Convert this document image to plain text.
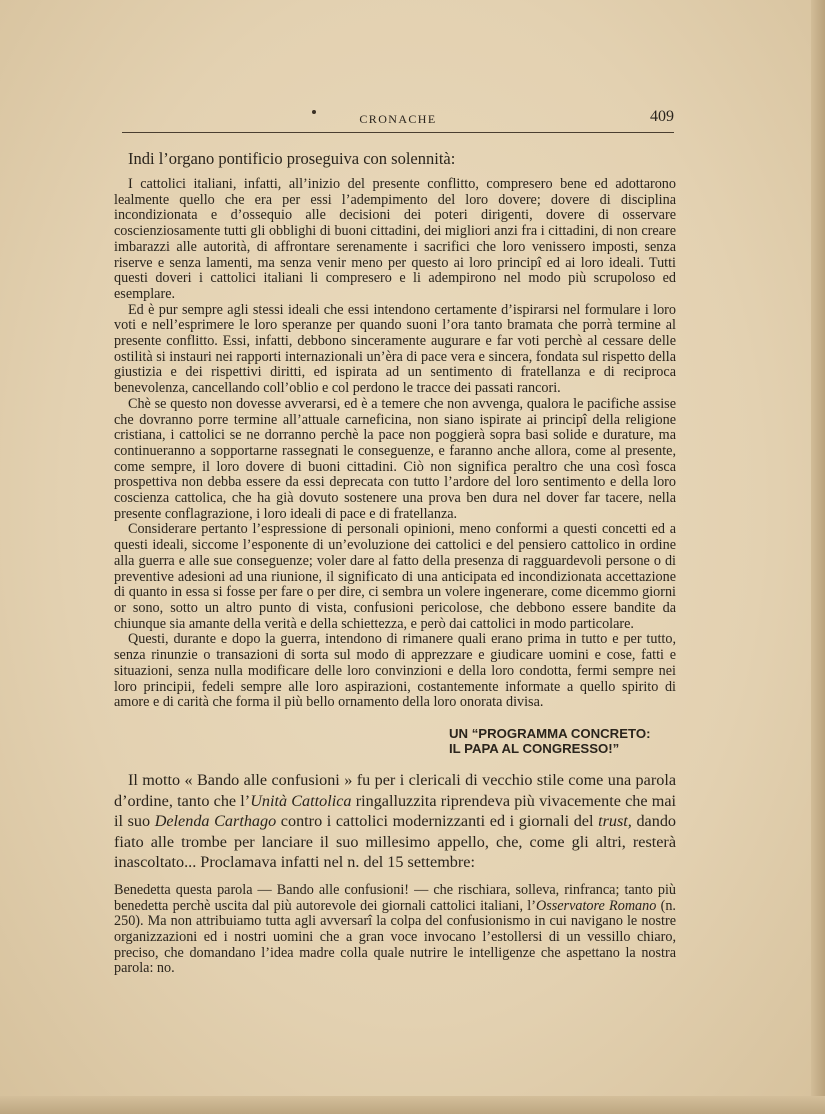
CRONACHE	409

Indi l’organo pontificio proseguiva con solennità:

I cattolici italiani, infatti, all’inizio del presente conflitto, compresero bene ed adottarono lealmente quello che era per essi l’adempimento del loro dovere; dovere di disciplina incondizionata e d’ossequio alle decisioni dei poteri dirigenti, dovere di osservare coscienziosamente tutti gli obblighi di buoni cittadini, dei migliori anzi fra i cittadini, di non creare imbarazzi alle autorità, di affrontare serenamente i sacrifici che loro venissero imposti, senza riserve e senza lamenti, ma senza venir meno per questo ai loro principî ed ai loro ideali. Tutti questi doveri i cattolici italiani li compresero e li adempirono nel modo più scrupoloso ed esemplare.

Ed è pur sempre agli stessi ideali che essi intendono certamente d’ispirarsi nel formulare i loro voti e nell’esprimere le loro speranze per quando suoni l’ora tanto bramata che porrà termine al presente conflitto. Essi, infatti, debbono sinceramente augurare e far voti perchè al cessare delle ostilità si instauri nei rapporti internazionali un’èra di pace vera e sincera, fondata sul rispetto della giustizia e dei rispettivi diritti, ed ispirata ad un sentimento di fratellanza e di reciproca benevolenza, cancellando coll’oblio e col perdono le tracce dei passati rancori.

Chè se questo non dovesse avverarsi, ed è a temere che non avvenga, qualora le pacifiche assise che dovranno porre termine all’attuale carneficina, non siano ispirate ai principî della religione cristiana, i cattolici se ne dorranno perchè la pace non poggierà sopra basi solide e durature, ma continueranno a sopportarne rassegnati le conseguenze, e faranno anche allora, come al presente, come sempre, il loro dovere di buoni cittadini. Ciò non significa peraltro che una così fosca prospettiva non debba essere da essi deprecata con tutto l’ardore del loro sentimento e della loro coscienza cattolica, che ha già dovuto sostenere una prova ben dura nel dover far tacere, nella presente conflagrazione, i loro ideali di pace e di fratellanza.

Considerare pertanto l’espressione di personali opinioni, meno conformi a questi concetti ed a questi ideali, siccome l’esponente di un’evoluzione dei cattolici e del pensiero cattolico in ordine alla guerra e alle sue conseguenze; voler dare al fatto della presenza di ragguardevoli persone o di preventive adesioni ad una riunione, il significato di una anticipata ed incondizionata accettazione di quanto in essa si fosse per fare o per dire, ci sembra un volere ingenerare, come dicemmo giorni or sono, sotto un altro punto di vista, confusioni pericolose, che debbono essere bandite da chiunque sia amante della verità e della schiettezza, e però dai cattolici in modo particolare.

Questi, durante e dopo la guerra, intendono di rimanere quali erano prima in tutto e per tutto, senza rinunzie o transazioni di sorta sul modo di apprezzare e giudicare uomini e cose, fatti e situazioni, senza nulla modificare delle loro convinzioni e della loro condotta, fermi sempre nei loro principii, fedeli sempre alle loro aspirazioni, costantemente informate a quello spirito di amore e di carità che forma il più bello ornamento della loro onorata divisa.

UN “PROGRAMMA CONCRETO:
IL PAPA AL CONGRESSO!”

Il motto « Bando alle confusioni » fu per i clericali di vecchio stile come una parola d’ordine, tanto che l’Unità Cattolica ringalluzzita riprendeva più vivacemente che mai il suo Delenda Carthago contro i cattolici modernizzanti ed i giornali del trust, dando fiato alle trombe per lanciare il suo millesimo appello, che, come gli altri, resterà inascoltato... Proclamava infatti nel n. del 15 settembre:

Benedetta questa parola — Bando alle confusioni! — che rischiara, solleva, rinfranca; tanto più benedetta perchè uscita dal più autorevole dei giornali cattolici italiani, l’Osservatore Romano (n. 250). Ma non attribuiamo tutta agli avversarî la colpa del confusionismo in cui navigano le nostre organizzazioni ed i nostri uomini che a gran voce invocano l’estollersi di un vessillo chiaro, preciso, che domandano l’idea madre colla quale nutrire le intelligenze che aspettano la nostra parola: no.
